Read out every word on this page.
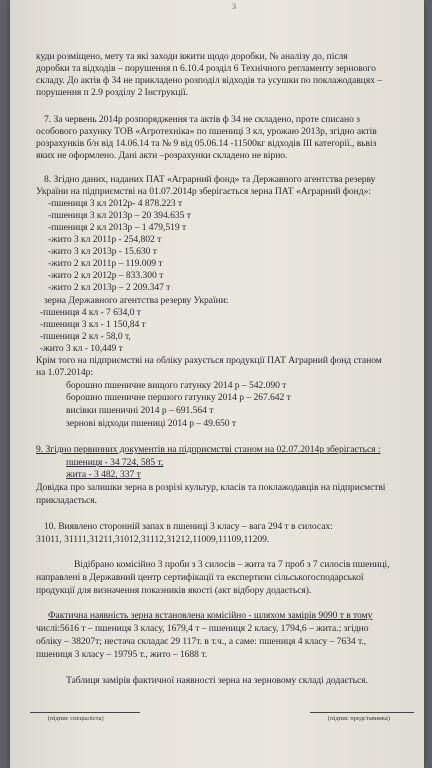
3
куди розміщено, мету та які заходи вжити щодо доробки, № аналізу до, після
доробки та відходів – порушення п 6.10.4 розділ 6 Технічного регламенту зернового
складу. До актів ф 34 не прикладено розподіл відходів та усушки по поклажодавцях –
порушення п 2.9 розділу 2 Інструкції.
7. За червень 2014р розпорядження та актів ф 34 не складено, проте списано з
особового рахунку ТОВ «Агротехніка» по пшениці 3 кл, урожаю 2013р, згідно актів
розрахунків б/н від 14.06.14 та № 9 від 05.06.14 -11500кг відходів ІІІ категорії., вьвіз
яких не оформлено. Дані акти –розрахунки складено не вірно.
8. Згідно даних, наданих ПАТ «Аграрний фонд» та Державного агентства резерву
України на підприємстві на 01.07.2014р зберігається зерна ПАТ «Аграрний фонд»:
-пшениця 3 кл 2012р- 4 878.223 т
-пшениця 3 кл 2013р – 20 394.635 т
-пшениця 2 кл 2013р – 1 479,519 т
-жито 3 кл 2011р - 254,802 т
-жито 3 кл 2013р - 15.630 т
-жито 2 кл 2011р – 119.009 т
-жито 2 кл 2012р – 833.300 т
-жито 2 кл 2013р – 2 209.347 т
зерна Державного агентства резерву України:
-пшениця 4 кл - 7 634,0 т
-пшениця 3 кл - 1 150,84 т
-пшениця 2 кл - 58,0 т,
-жито 3 кл - 10,449 т
Крім того на підприємстві на обліку рахується продукції ПАТ Аграрний фонд станом
на 1.07.2014р:
борошно пшеничне вищого гатунку 2014 р – 542.090 т
борошно пшеничне першого гатунку 2014 р – 267.642 т
висівки пшеничні 2014 р – 691.564 т
зернові відходи пшениці 2014 р – 49.650 т
9. Згідно первинних документів на підприємстві станом на 02.07.2014р зберігається :
пшениця - 34 724, 585 т,
жита - 3 482, 337 т
Довідка про залишки зерна в розрізі культур, класів та поклажодавців на підприємстві
прикладається.
10. Виявлено сторонній запах в пшениці 3 класу – вага 294 т в силосах:
31011, 31111,31211,31012,31112,31212,11009,11109,11209.
Відібрано комісійно 3 проби з 3 силосів – жита та 7 проб з 7 силосів пшениці,
направлені в Державний центр сертифікації та експертизи сільськогосподарської
продукції для визначення показників якості (акт відбору додається).
Фактична наявність зерна встановлена комісійно - шляхом замірів 9090 т в тому
числі:5616 т – пшениця 3 класу, 1679,4 т – пшениця 2 класу, 1794,6 – жита.; згідно
обліку – 38207т; нестача складає 29 117т. в т.ч., а саме: пшениця 4 класу – 7634 т.,
пшениця 3 класу – 19795 т., жито – 1688 т.
Таблиця замірів фактичної наявності зерна на зерновому складі додається.
(підпис спеціаліста)	(підпис представника)
